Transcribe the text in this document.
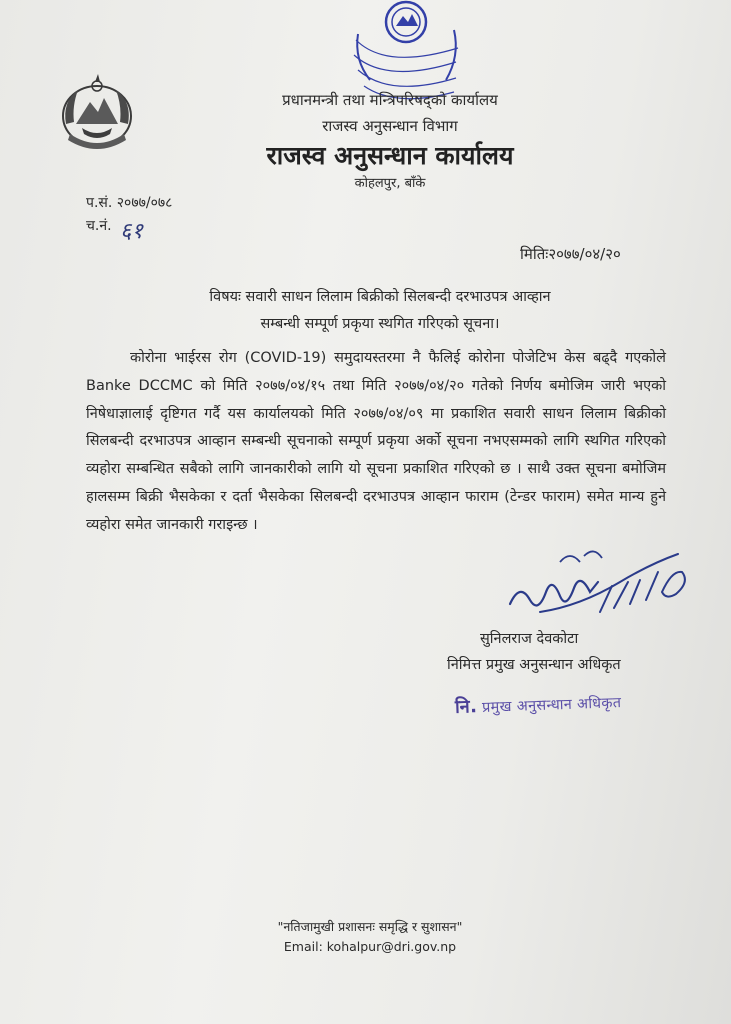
प्रधानमन्त्री तथा मन्त्रिपरिषद्को कार्यालय
राजस्व अनुसन्धान विभाग
राजस्व अनुसन्धान कार्यालय
कोहलपुर, बाँके
प.सं. २०७७/०७८
च.नं. ६१
मितिः२०७७/०४/२०
विषयः सवारी साधन लिलाम बिक्रीको सिलबन्दी दरभाउपत्र आव्हान
सम्बन्धी सम्पूर्ण प्रकृया स्थगित गरिएको सूचना।
कोरोना भाईरस रोग (COVID-19) समुदायस्तरमा नै फैलिई कोरोना पोजेटिभ केस बढ्दै गएकोले Banke DCCMC को मिति २०७७/०४/१५ तथा मिति २०७७/०४/२० गतेको निर्णय बमोजिम जारी भएको निषेधाज्ञालाई दृष्टिगत गर्दै यस कार्यालयको मिति २०७७/०४/०९ मा प्रकाशित सवारी साधन लिलाम बिक्रीको सिलबन्दी दरभाउपत्र आव्हान सम्बन्धी सूचनाको सम्पूर्ण प्रकृया अर्को सूचना नभएसम्मको लागि स्थगित गरिएको व्यहोरा सम्बन्धित सबैको लागि जानकारीको लागि यो सूचना प्रकाशित गरिएको छ । साथै उक्त सूचना बमोजिम हालसम्म बिक्री भैसकेका र दर्ता भैसकेका सिलबन्दी दरभाउपत्र आव्हान फाराम (टेन्डर फाराम) समेत मान्य हुने व्यहोरा समेत जानकारी गराइन्छ ।
सुनिलराज देवकोटा
निमित्त प्रमुख अनुसन्धान अधिकृत
नि. प्रमुख अनुसन्धान अधिकृत
"नतिजामुखी प्रशासनः समृद्धि र सुशासन"
Email: kohalpur@dri.gov.np
